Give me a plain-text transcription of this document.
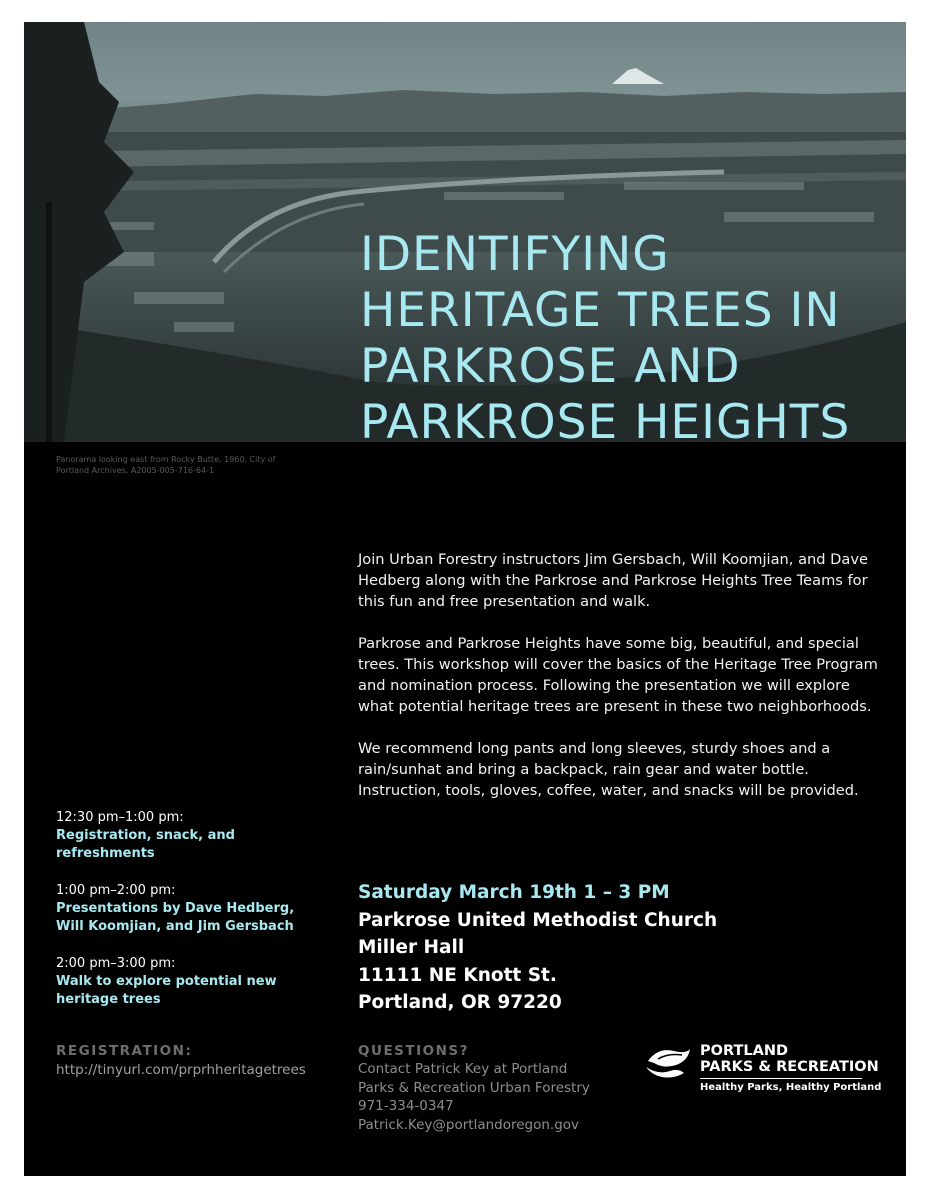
Panorama looking east from Rocky Butte, 1960, City of Portland Archives, A2005-005-716-64-1
IDENTIFYING HERITAGE TREES IN PARKROSE AND PARKROSE HEIGHTS

Join Urban Forestry instructors Jim Gersbach, Will Koomjian, and Dave Hedberg along with the Parkrose and Parkrose Heights Tree Teams for this fun and free presentation and walk.

Parkrose and Parkrose Heights have some big, beautiful, and special trees. This workshop will cover the basics of the Heritage Tree Program and nomination process. Following the presentation we will explore what potential heritage trees are present in these two neighborhoods.

We recommend long pants and long sleeves, sturdy shoes and a rain/sunhat and bring a backpack, rain gear and water bottle. Instruction, tools, gloves, coffee, water, and snacks will be provided.

12:30 pm–1:00 pm:
Registration, snack, and refreshments
1:00 pm–2:00 pm:
Presentations by Dave Hedberg, Will Koomjian, and Jim Gersbach
2:00 pm–3:00 pm:
Walk to explore potential new heritage trees
REGISTRATION:
http://tinyurl.com/prprhheritagetrees
Saturday March 19th 1 – 3 PM
Parkrose United Methodist Church
Miller Hall
11111 NE Knott St.
Portland, OR 97220
QUESTIONS?
Contact Patrick Key at Portland
Parks & Recreation Urban Forestry
971-334-0347
Patrick.Key@portlandoregon.gov
PORTLAND
PARKS & RECREATION
Healthy Parks, Healthy Portland
